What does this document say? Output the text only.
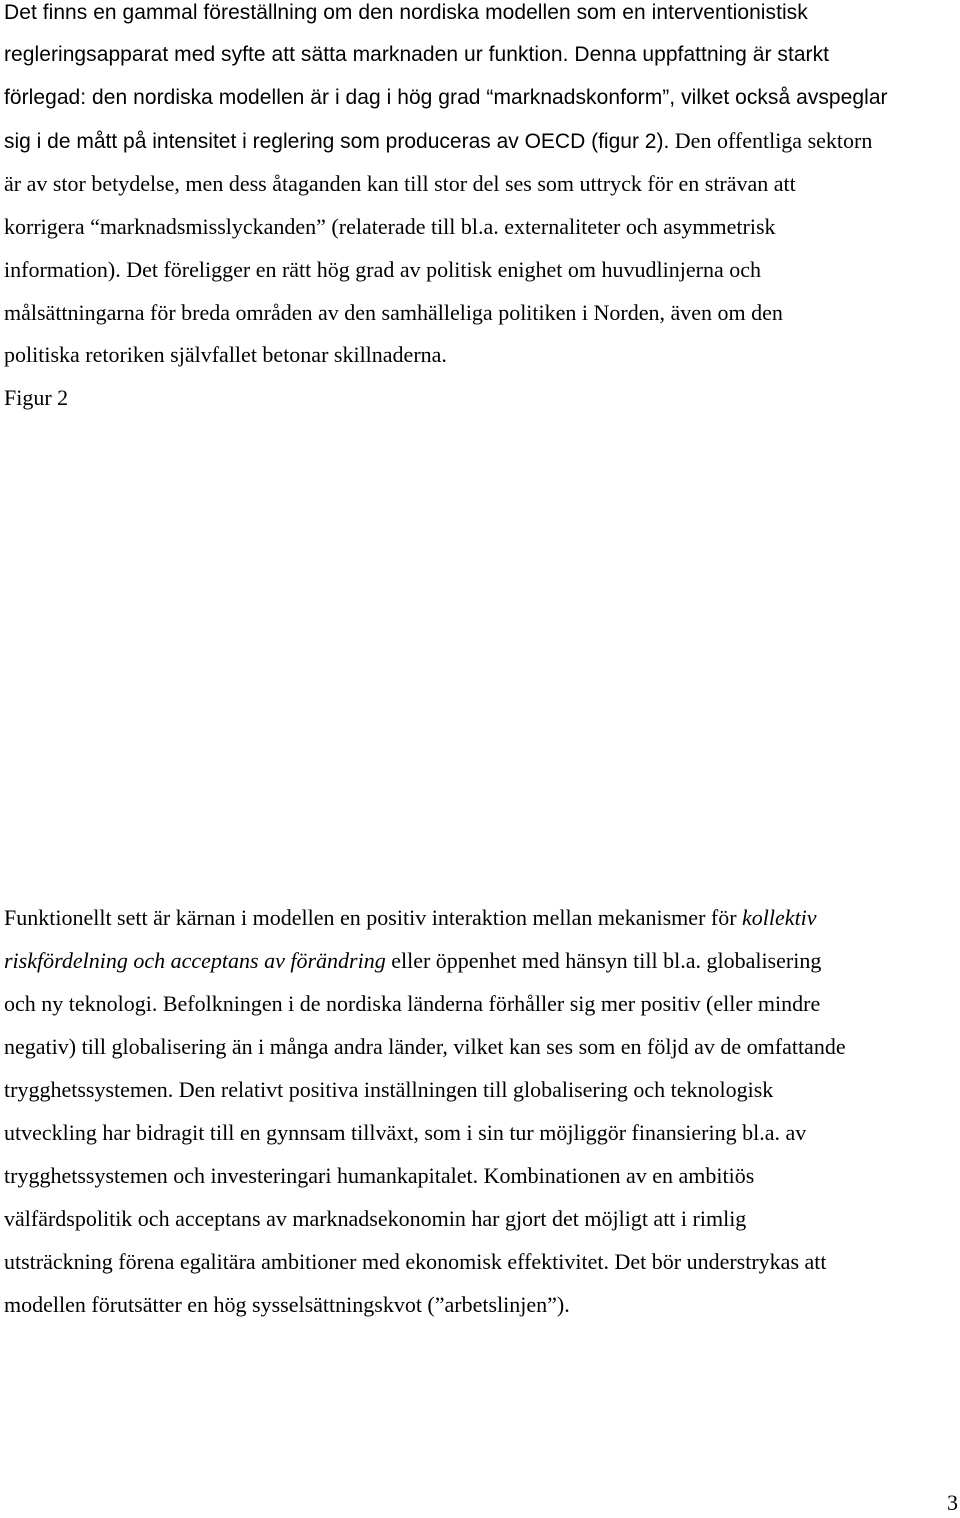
Det finns en gammal föreställning om den nordiska modellen som en interventionistisk
regleringsapparat med syfte att sätta marknaden ur funktion. Denna uppfattning är starkt
förlegad: den nordiska modellen är i dag i hög grad “marknadskonform”, vilket också avspeglar
sig i de mått på intensitet i reglering som produceras av OECD (figur 2). Den offentliga sektorn
är av stor betydelse, men dess åtaganden kan till stor del ses som uttryck för en strävan att
korrigera “marknadsmisslyckanden” (relaterade till bl.a. externaliteter och asymmetrisk
information). Det föreligger en rätt hög grad av politisk enighet om huvudlinjerna och
målsättningarna för breda områden av den samhälleliga politiken i Norden, även om den
politiska retoriken självfallet betonar skillnaderna.
Figur 2
Funktionellt sett är kärnan i modellen en positiv interaktion mellan mekanismer för kollektiv
riskfördelning och acceptans av förändring eller öppenhet med hänsyn till bl.a. globalisering
och ny teknologi. Befolkningen i de nordiska länderna förhåller sig mer positiv (eller mindre
negativ) till globalisering än i många andra länder, vilket kan ses som en följd av de omfattande
trygghetssystemen. Den relativt positiva inställningen till globalisering och teknologisk
utveckling har bidragit till en gynnsam tillväxt, som i sin tur möjliggör finansiering bl.a. av
trygghetssystemen och investeringari humankapitalet. Kombinationen av en ambitiös
välfärdspolitik och acceptans av marknadsekonomin har gjort det möjligt att i rimlig
utsträckning förena egalitära ambitioner med ekonomisk effektivitet. Det bör understrykas att
modellen förutsätter en hög sysselsättningskvot (”arbetslinjen”).
3
